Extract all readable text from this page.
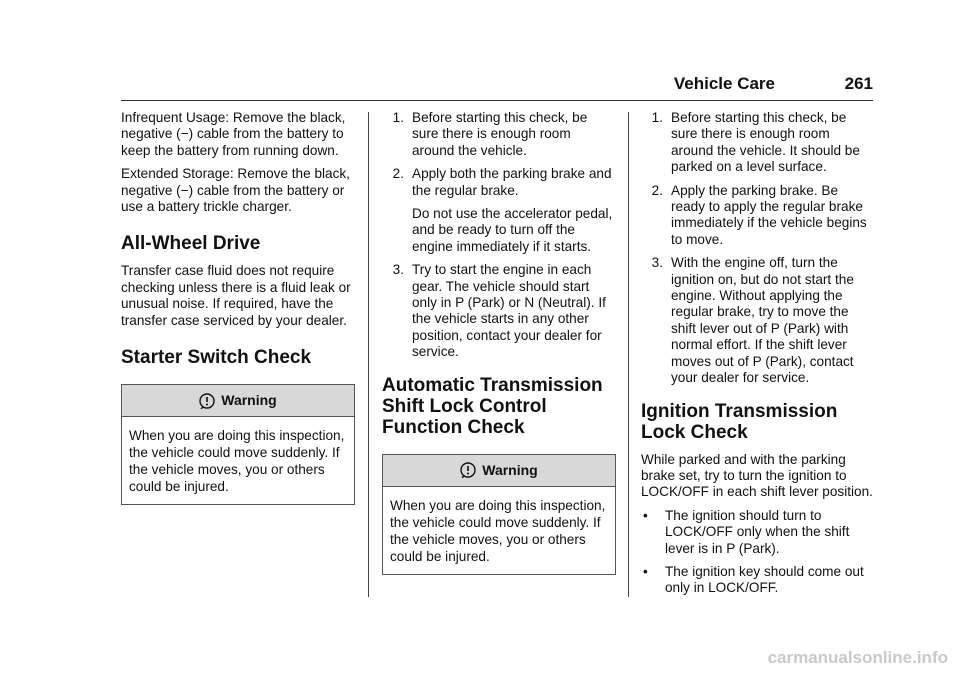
Vehicle Care	261

Infrequent Usage: Remove the black, negative (−) cable from the battery to keep the battery from running down.

Extended Storage: Remove the black, negative (−) cable from the battery or use a battery trickle charger.

All-Wheel Drive

Transfer case fluid does not require checking unless there is a fluid leak or unusual noise. If required, have the transfer case serviced by your dealer.

Starter Switch Check
Warning
When you are doing this inspection, the vehicle could move suddenly. If the vehicle moves, you or others could be injured.
1. Before starting this check, be sure there is enough room around the vehicle.

2. Apply both the parking brake and the regular brake.

Do not use the accelerator pedal, and be ready to turn off the engine immediately if it starts.

3. Try to start the engine in each gear. The vehicle should start only in P (Park) or N (Neutral). If the vehicle starts in any other position, contact your dealer for service.

Automatic Transmission Shift Lock Control Function Check
Warning
When you are doing this inspection, the vehicle could move suddenly. If the vehicle moves, you or others could be injured.
1. Before starting this check, be sure there is enough room around the vehicle. It should be parked on a level surface.

2. Apply the parking brake. Be ready to apply the regular brake immediately if the vehicle begins to move.

3. With the engine off, turn the ignition on, but do not start the engine. Without applying the regular brake, try to move the shift lever out of P (Park) with normal effort. If the shift lever moves out of P (Park), contact your dealer for service.

Ignition Transmission Lock Check

While parked and with the parking brake set, try to turn the ignition to LOCK/OFF in each shift lever position.

•	The ignition should turn to LOCK/OFF only when the shift lever is in P (Park).
•	The ignition key should come out only in LOCK/OFF.
carmanualsonline.info
